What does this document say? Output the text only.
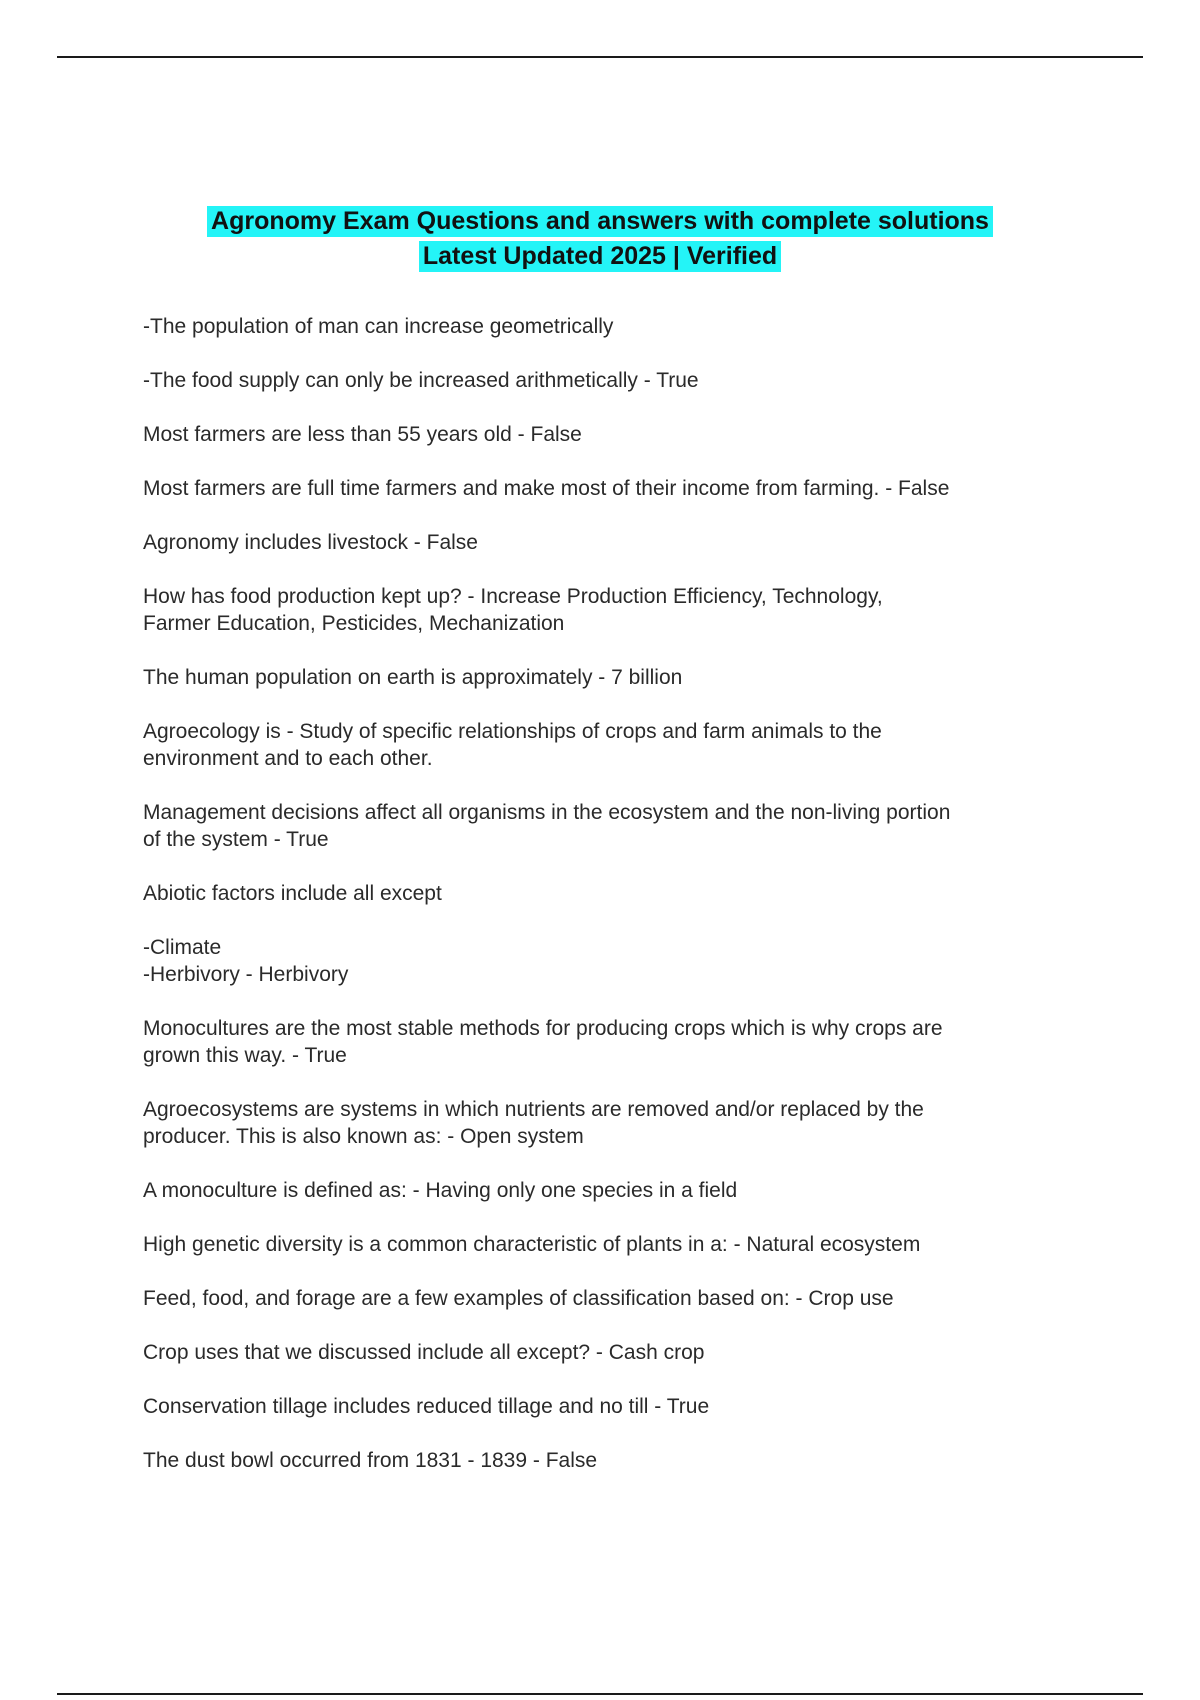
Agronomy Exam Questions and answers with complete solutions
Latest Updated 2025 | Verified

-The population of man can increase geometrically

-The food supply can only be increased arithmetically - True

Most farmers are less than 55 years old - False

Most farmers are full time farmers and make most of their income from farming. - False

Agronomy includes livestock - False

How has food production kept up? - Increase Production Efficiency, Technology,
Farmer Education, Pesticides, Mechanization

The human population on earth is approximately - 7 billion

Agroecology is - Study of specific relationships of crops and farm animals to the
environment and to each other.

Management decisions affect all organisms in the ecosystem and the non-living portion
of the system - True

Abiotic factors include all except

-Climate
-Herbivory - Herbivory

Monocultures are the most stable methods for producing crops which is why crops are
grown this way. - True

Agroecosystems are systems in which nutrients are removed and/or replaced by the
producer. This is also known as: - Open system

A monoculture is defined as: - Having only one species in a field

High genetic diversity is a common characteristic of plants in a: - Natural ecosystem

Feed, food, and forage are a few examples of classification based on: - Crop use

Crop uses that we discussed include all except? - Cash crop

Conservation tillage includes reduced tillage and no till - True

The dust bowl occurred from 1831 - 1839 - False
